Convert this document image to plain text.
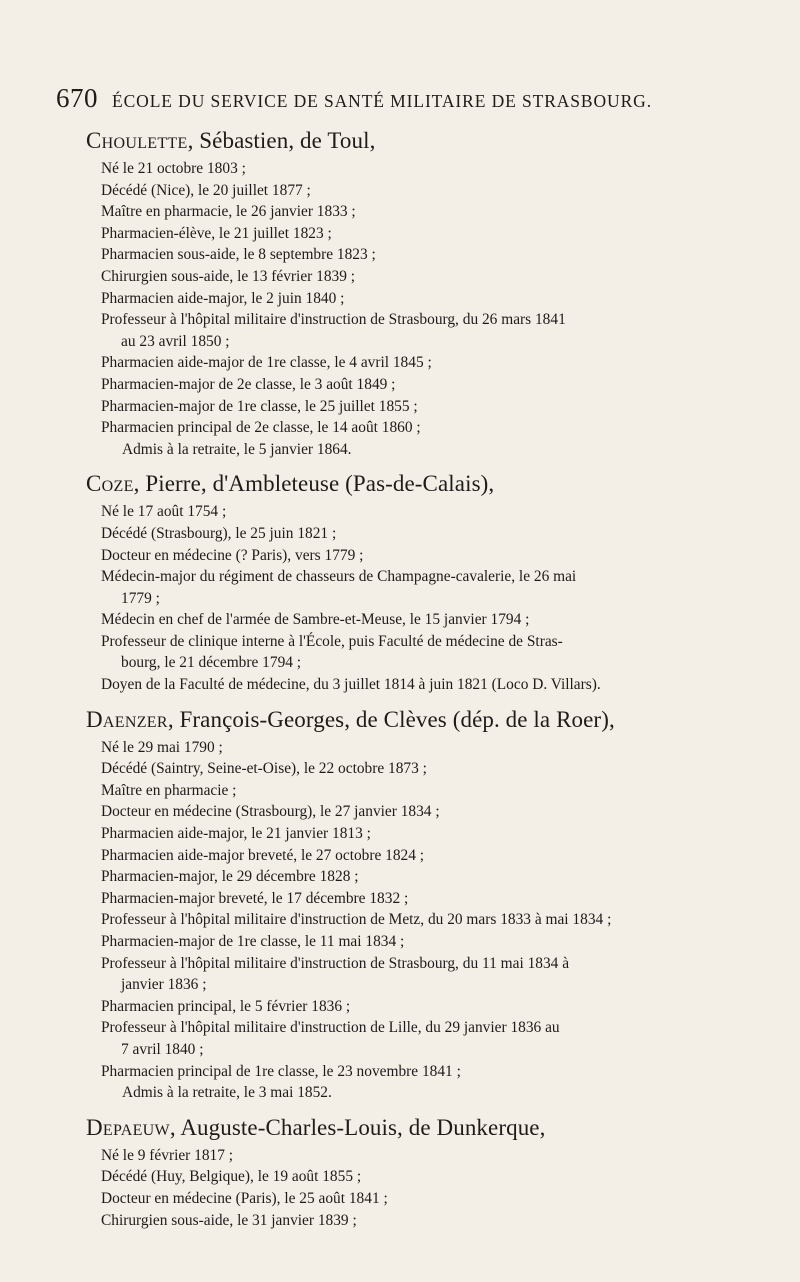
670 ÉCOLE DU SERVICE DE SANTÉ MILITAIRE DE STRASBOURG.
Choulette, Sébastien, de Toul,
Né le 21 octobre 1803 ;
Décédé (Nice), le 20 juillet 1877 ;
Maître en pharmacie, le 26 janvier 1833 ;
Pharmacien-élève, le 21 juillet 1823 ;
Pharmacien sous-aide, le 8 septembre 1823 ;
Chirurgien sous-aide, le 13 février 1839 ;
Pharmacien aide-major, le 2 juin 1840 ;
Professeur à l'hôpital militaire d'instruction de Strasbourg, du 26 mars 1841
au 23 avril 1850 ;
Pharmacien aide-major de 1re classe, le 4 avril 1845 ;
Pharmacien-major de 2e classe, le 3 août 1849 ;
Pharmacien-major de 1re classe, le 25 juillet 1855 ;
Pharmacien principal de 2e classe, le 14 août 1860 ;
Admis à la retraite, le 5 janvier 1864.
Coze, Pierre, d'Ambleteuse (Pas-de-Calais),
Né le 17 août 1754 ;
Décédé (Strasbourg), le 25 juin 1821 ;
Docteur en médecine (? Paris), vers 1779 ;
Médecin-major du régiment de chasseurs de Champagne-cavalerie, le 26 mai
1779 ;
Médecin en chef de l'armée de Sambre-et-Meuse, le 15 janvier 1794 ;
Professeur de clinique interne à l'École, puis Faculté de médecine de Stras-
bourg, le 21 décembre 1794 ;
Doyen de la Faculté de médecine, du 3 juillet 1814 à juin 1821 (Loco D. Villars).
Daenzer, François-Georges, de Clèves (dép. de la Roer),
Né le 29 mai 1790 ;
Décédé (Saintry, Seine-et-Oise), le 22 octobre 1873 ;
Maître en pharmacie ;
Docteur en médecine (Strasbourg), le 27 janvier 1834 ;
Pharmacien aide-major, le 21 janvier 1813 ;
Pharmacien aide-major breveté, le 27 octobre 1824 ;
Pharmacien-major, le 29 décembre 1828 ;
Pharmacien-major breveté, le 17 décembre 1832 ;
Professeur à l'hôpital militaire d'instruction de Metz, du 20 mars 1833 à mai 1834 ;
Pharmacien-major de 1re classe, le 11 mai 1834 ;
Professeur à l'hôpital militaire d'instruction de Strasbourg, du 11 mai 1834 à
janvier 1836 ;
Pharmacien principal, le 5 février 1836 ;
Professeur à l'hôpital militaire d'instruction de Lille, du 29 janvier 1836 au
7 avril 1840 ;
Pharmacien principal de 1re classe, le 23 novembre 1841 ;
Admis à la retraite, le 3 mai 1852.
Depaeuw, Auguste-Charles-Louis, de Dunkerque,
Né le 9 février 1817 ;
Décédé (Huy, Belgique), le 19 août 1855 ;
Docteur en médecine (Paris), le 25 août 1841 ;
Chirurgien sous-aide, le 31 janvier 1839 ;
